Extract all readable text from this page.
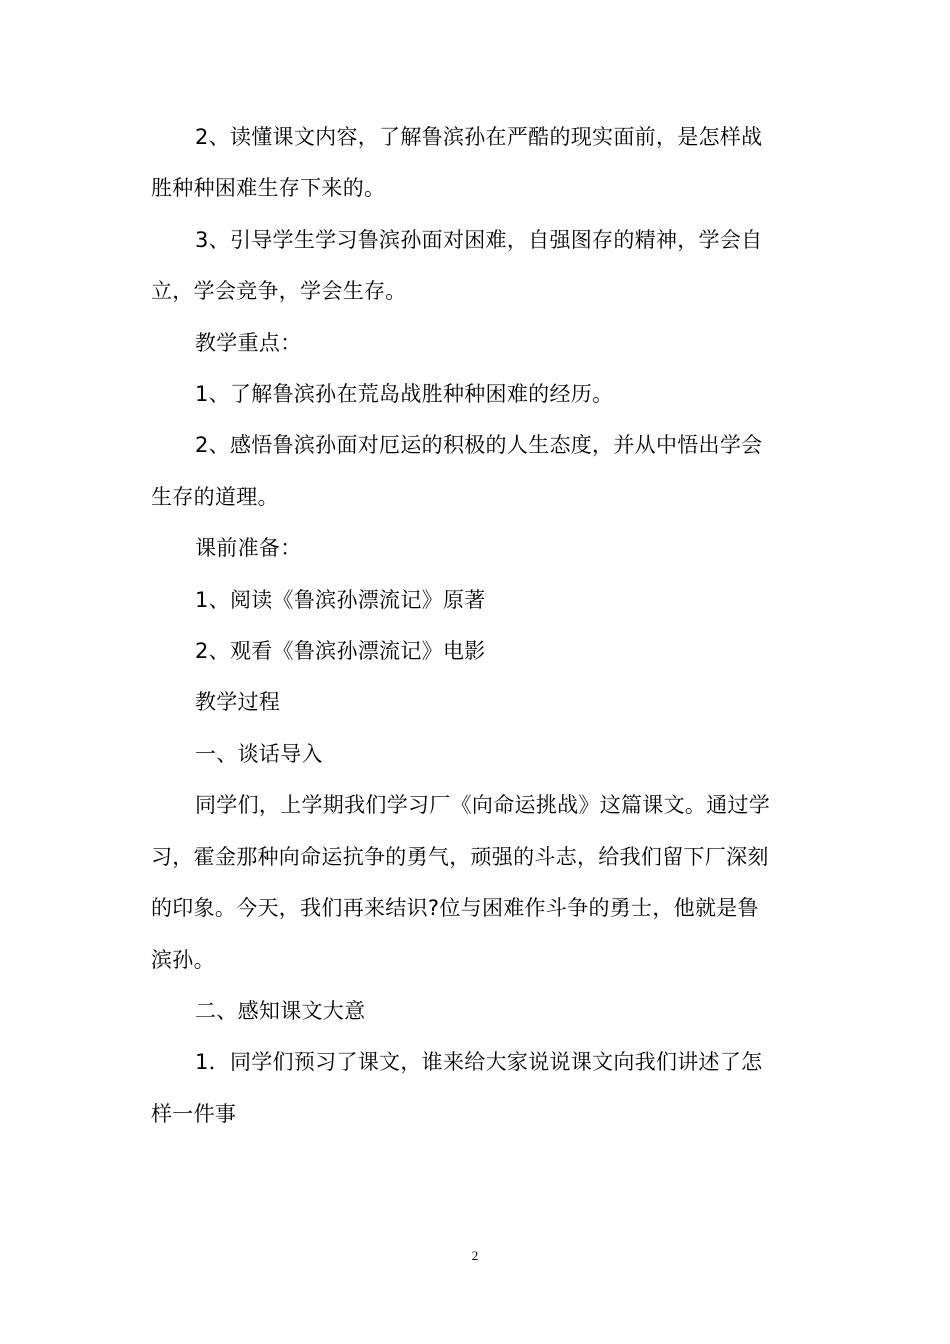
2、读懂课文内容，了解鲁滨孙在严酷的现实面前，是怎样战
胜种种困难生存下来的。
3、引导学生学习鲁滨孙面对困难，自强图存的精神，学会自
立，学会竞争，学会生存。
教学重点：
1、了解鲁滨孙在荒岛战胜种种困难的经历。
2、感悟鲁滨孙面对厄运的积极的人生态度，并从中悟出学会
生存的道理。
课前准备：
1、阅读《鲁滨孙漂流记》原著
2、观看《鲁滨孙漂流记》电影
教学过程
一、谈话导入
同学们，上学期我们学习厂《向命运挑战》这篇课文。通过学
习，霍金那种向命运抗争的勇气，顽强的斗志，给我们留下厂深刻
的印象。今天，我们再来结识?位与困难作斗争的勇士，他就是鲁
滨孙。
二、感知课文大意
1．同学们预习了课文，谁来给大家说说课文向我们讲述了怎
样一件事
2
